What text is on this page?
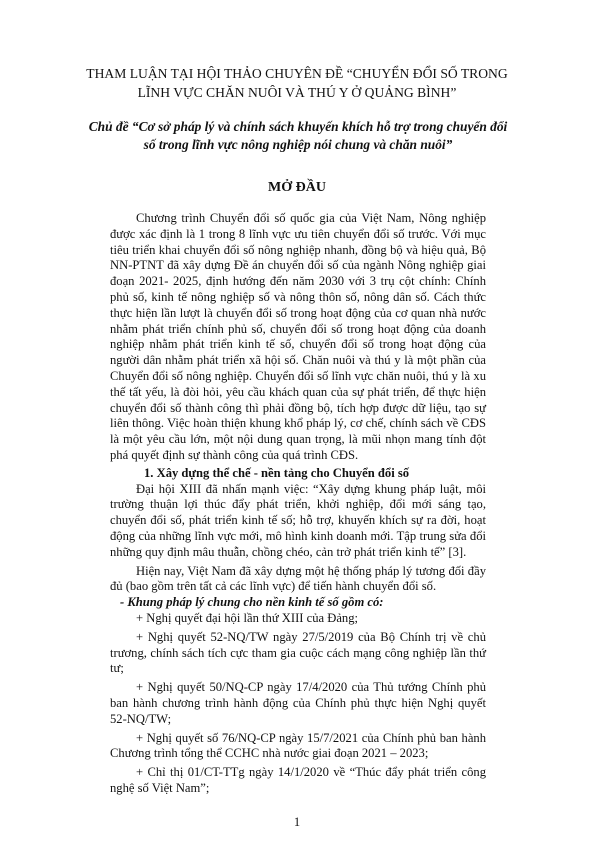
THAM LUẬN TẠI HỘI THẢO CHUYÊN ĐỀ “CHUYỂN ĐỔI SỐ TRONG
LĨNH VỰC CHĂN NUÔI VÀ THÚ Y Ở QUẢNG BÌNH”
Chủ đề “Cơ sở pháp lý và chính sách khuyến khích hỗ trợ trong chuyển đổi
số trong lĩnh vực nông nghiệp nói chung và chăn nuôi”
MỞ ĐẦU

Chương trình Chuyển đổi số quốc gia của Việt Nam, Nông nghiệp được xác định là 1 trong 8 lĩnh vực ưu tiên chuyển đổi số trước. Với mục tiêu triển khai chuyển đổi số nông nghiệp nhanh, đồng bộ và hiệu quả, Bộ NN-PTNT đã xây dựng Đề án chuyển đổi số của ngành Nông nghiệp giai đoạn 2021- 2025, định hướng đến năm 2030 với 3 trụ cột chính: Chính phủ số, kinh tế nông nghiệp số và nông thôn số, nông dân số. Cách thức thực hiện lần lượt là chuyển đổi số trong hoạt động của cơ quan nhà nước nhằm phát triển chính phủ số, chuyển đổi số trong hoạt động của doanh nghiệp nhằm phát triển kinh tế số, chuyển đổi số trong hoạt động của người dân nhằm phát triển xã hội số. Chăn nuôi và thú y là một phần của Chuyển đổi số nông nghiệp. Chuyển đổi số lĩnh vực chăn nuôi, thú y là xu thế tất yếu, là đòi hỏi, yêu cầu khách quan của sự phát triển, để thực hiện chuyển đổi số thành công thì phải đồng bộ, tích hợp được dữ liệu, tạo sự liên thông. Việc hoàn thiện khung khổ pháp lý, cơ chế, chính sách về CĐS là một yêu cầu lớn, một nội dung quan trọng, là mũi nhọn mang tính đột phá quyết định sự thành công của quá trình CĐS.

1. Xây dựng thể chế - nền tảng cho Chuyển đổi số

Đại hội XIII đã nhấn mạnh việc: “Xây dựng khung pháp luật, môi trường thuận lợi thúc đẩy phát triển, khởi nghiệp, đổi mới sáng tạo, chuyển đổi số, phát triển kinh tế số; hỗ trợ, khuyến khích sự ra đời, hoạt động của những lĩnh vực mới, mô hình kinh doanh mới. Tập trung sửa đổi những quy định mâu thuẫn, chồng chéo, cản trở phát triển kinh tế” [3].

Hiện nay, Việt Nam đã xây dựng một hệ thống pháp lý tương đối đầy đủ (bao gồm trên tất cả các lĩnh vực) để tiến hành chuyển đổi số.

- Khung pháp lý chung cho nền kinh tế số gồm có:

+ Nghị quyết đại hội lần thứ XIII của Đảng;

+ Nghị quyết 52-NQ/TW ngày 27/5/2019 của Bộ Chính trị về chủ trương, chính sách tích cực tham gia cuộc cách mạng công nghiệp lần thứ tư;

+ Nghị quyết 50/NQ-CP ngày 17/4/2020 của Thủ tướng Chính phủ ban hành chương trình hành động của Chính phủ thực hiện Nghị quyết 52-NQ/TW;

+ Nghị quyết số 76/NQ-CP ngày 15/7/2021 của Chính phủ ban hành Chương trình tổng thể CCHC nhà nước giai đoạn 2021 – 2023;

+ Chỉ thị 01/CT-TTg ngày 14/1/2020 về “Thúc đẩy phát triển công nghệ số Việt Nam”;

1
